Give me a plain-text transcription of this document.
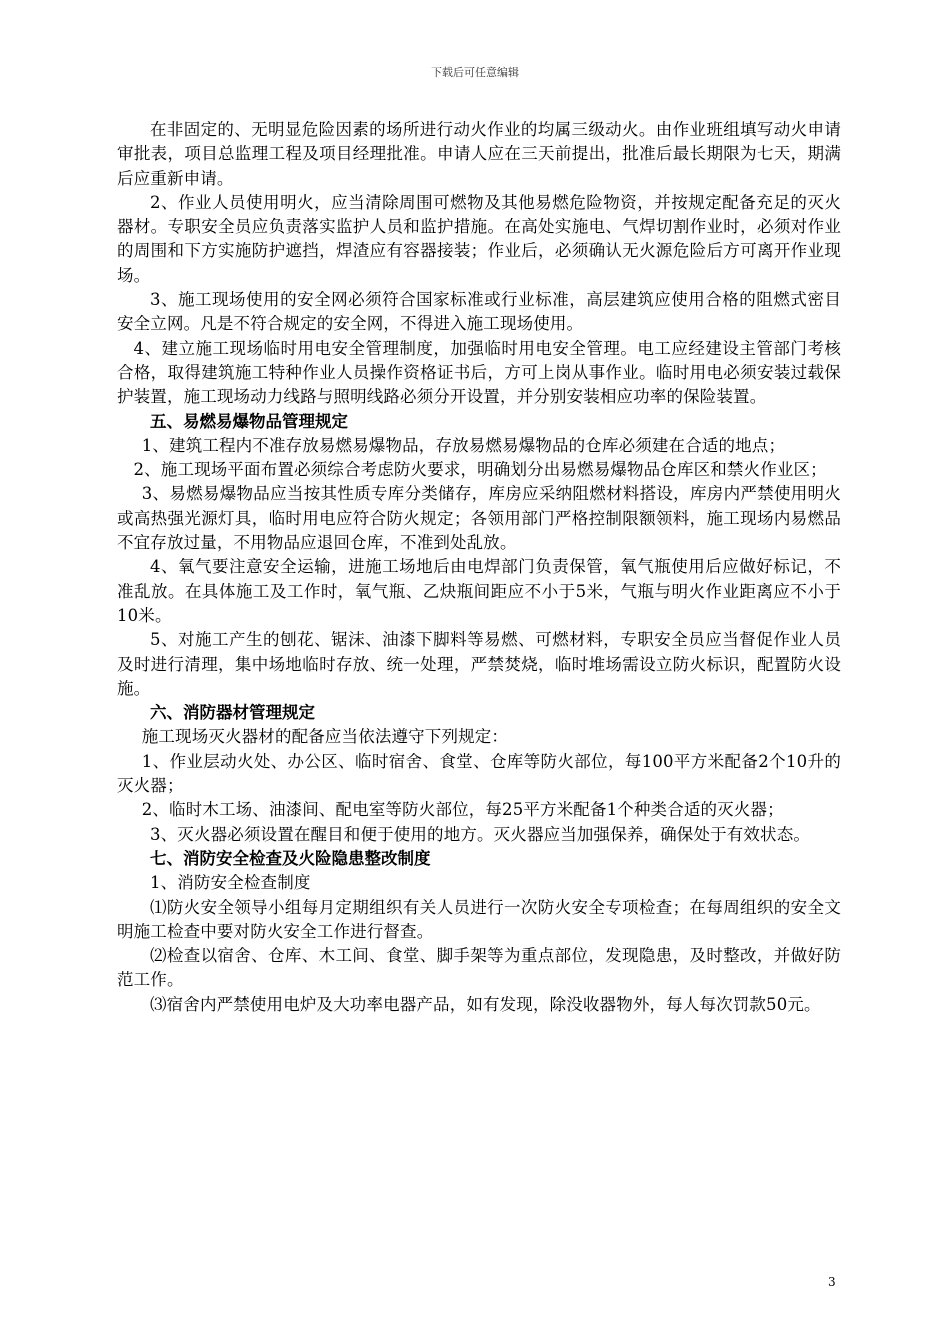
下载后可任意编辑

在非固定的、无明显危险因素的场所进行动火作业的均属三级动火。由作业班组填写动火申请审批表，项目总监理工程及项目经理批准。申请人应在三天前提出，批准后最长期限为七天，期满后应重新申请。

2、作业人员使用明火，应当清除周围可燃物及其他易燃危险物资，并按规定配备充足的灭火器材。专职安全员应负责落实监护人员和监护措施。在高处实施电、气焊切割作业时，必须对作业的周围和下方实施防护遮挡，焊渣应有容器接装；作业后，必须确认无火源危险后方可离开作业现场。

3、施工现场使用的安全网必须符合国家标准或行业标准，高层建筑应使用合格的阻燃式密目安全立网。凡是不符合规定的安全网，不得进入施工现场使用。

4、建立施工现场临时用电安全管理制度，加强临时用电安全管理。电工应经建设主管部门考核合格，取得建筑施工特种作业人员操作资格证书后，方可上岗从事作业。临时用电必须安装过载保护装置，施工现场动力线路与照明线路必须分开设置，并分别安装相应功率的保险装置。

五、易燃易爆物品管理规定

1、建筑工程内不准存放易燃易爆物品，存放易燃易爆物品的仓库必须建在合适的地点；

2、施工现场平面布置必须综合考虑防火要求，明确划分出易燃易爆物品仓库区和禁火作业区；

3、易燃易爆物品应当按其性质专库分类储存，库房应采纳阻燃材料搭设，库房内严禁使用明火或高热强光源灯具，临时用电应符合防火规定；各领用部门严格控制限额领料，施工现场内易燃品不宜存放过量，不用物品应退回仓库，不准到处乱放。

4、氧气要注意安全运输，进施工场地后由电焊部门负责保管，氧气瓶使用后应做好标记，不准乱放。在具体施工及工作时，氧气瓶、乙炔瓶间距应不小于5米，气瓶与明火作业距离应不小于10米。

5、对施工产生的刨花、锯沫、油漆下脚料等易燃、可燃材料，专职安全员应当督促作业人员及时进行清理，集中场地临时存放、统一处理，严禁焚烧，临时堆场需设立防火标识，配置防火设施。

六、消防器材管理规定

施工现场灭火器材的配备应当依法遵守下列规定：

1、作业层动火处、办公区、临时宿舍、食堂、仓库等防火部位，每100平方米配备2个10升的灭火器；

2、临时木工场、油漆间、配电室等防火部位，每25平方米配备1个种类合适的灭火器；

3、灭火器必须设置在醒目和便于使用的地方。灭火器应当加强保养，确保处于有效状态。

七、消防安全检查及火险隐患整改制度

1、消防安全检查制度

⑴防火安全领导小组每月定期组织有关人员进行一次防火安全专项检查；在每周组织的安全文明施工检查中要对防火安全工作进行督查。

⑵检查以宿舍、仓库、木工间、食堂、脚手架等为重点部位，发现隐患，及时整改，并做好防范工作。

⑶宿舍内严禁使用电炉及大功率电器产品，如有发现，除没收器物外，每人每次罚款50元。

3
